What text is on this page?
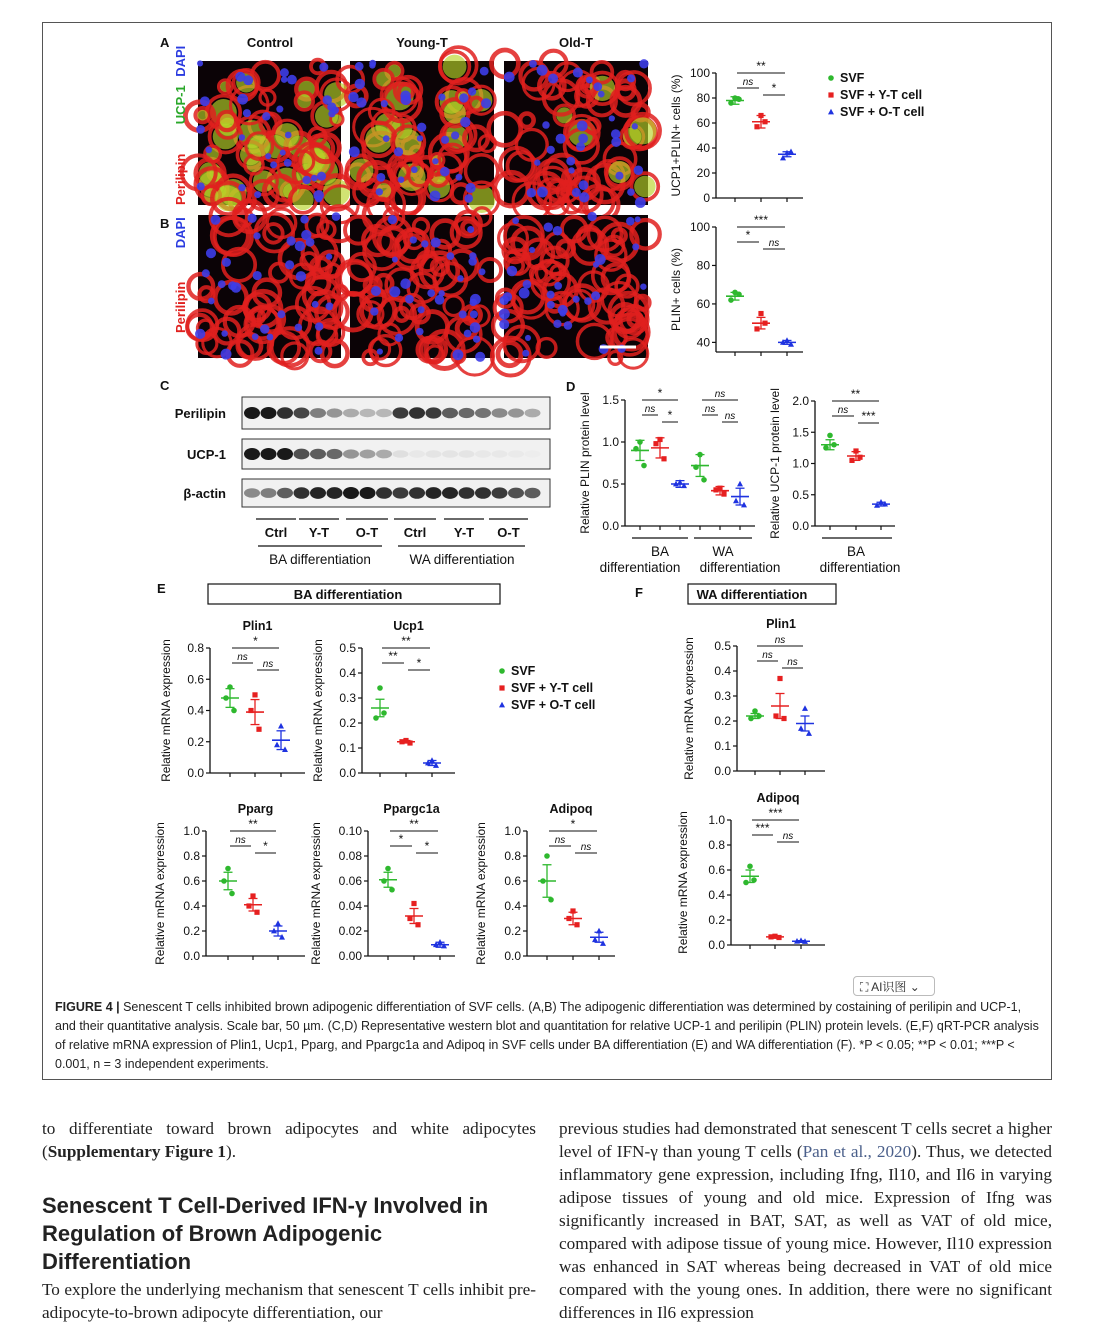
A	Control	Young-T	Old-T
Perilipin
UCP-1
DAPI
B
Perilipin
DAPI
0
20
40
60
80
100
UCP1+PLIN+ cells (%)	ns *
**
40
60
80
100
PLIN+ cells (%)
*
ns
***
SVF
SVF + Y-T cell
SVF + O-T cell
C
Perilipin
UCP-1
β-actin
Ctrl Y-T O-T Ctrl Y-T O-T
BA differentiation	WA differentiation
D
0.0
0.5
1.0
1.5
Relative PLIN protein level	ns *
*
ns
ns
ns
BA
differentiation
WA
differentiation
0.0
0.5
1.0
1.5
2.0
Relative UCP-1 protein level	ns ***
**
BA
differentiation
E	BA differentiation
0.0
0.2
0.4
0.6
0.8
Relative mRNA expression
Plin1
ns
ns
*
0.0
0.1
0.2
0.3
0.4
0.5
Relative mRNA expression
Ucp1
** *
**
0.0
0.2
0.4
0.6
0.8
1.0
Relative mRNA expression
Pparg
ns *
**
0.00
0.02
0.04
0.06
0.08
0.10
Relative mRNA expression
Ppargc1a
* *
**
0.0
0.2
0.4
0.6
0.8
1.0
Relative mRNA expression
Adipoq
ns
ns
*
SVF
SVF + Y-T cell
SVF + O-T cell
F	WA differentiation
0.0
0.1
0.2
0.3
0.4
0.5
Relative mRNA expression
Plin1
ns
ns
ns
0.0
0.2
0.4
0.6
0.8
1.0
Relative mRNA expression
Adipoq
***
ns
***
⛶ AI识图 ⌄
FIGURE 4 | Senescent T cells inhibited brown adipogenic differentiation of SVF cells. (A,B) The adipogenic differentiation was determined by costaining of perilipin and UCP-1, and their quantitative analysis. Scale bar, 50 µm. (C,D) Representative western blot and quantitation for relative UCP-1 and perilipin (PLIN) protein levels. (E,F) qRT-PCR analysis of relative mRNA expression of Plin1, Ucp1, Pparg, and Ppargc1a and Adipoq in SVF cells under BA differentiation (E) and WA differentiation (F). *P < 0.05; **P < 0.01; ***P < 0.001, n = 3 independent experiments.
to differentiate toward brown adipocytes and white adipocytes (Supplementary Figure 1).
Senescent T Cell-Derived IFN-γ Involved in Regulation of Brown Adipogenic Differentiation
To explore the underlying mechanism that senescent T cells inhibit pre-adipocyte-to-brown adipocyte differentiation, our
previous studies had demonstrated that senescent T cells secret a higher level of IFN-γ than young T cells (Pan et al., 2020). Thus, we detected inflammatory gene expression, including Ifng, Il10, and Il6 in varying adipose tissues of young and old mice. Expression of Ifng was significantly increased in BAT, SAT, as well as VAT of old mice, compared with adipose tissue of young mice. However, Il10 expression was enhanced in SAT whereas being decreased in VAT of old mice compared with the young ones. In addition, there were no significant differences in Il6 expression
